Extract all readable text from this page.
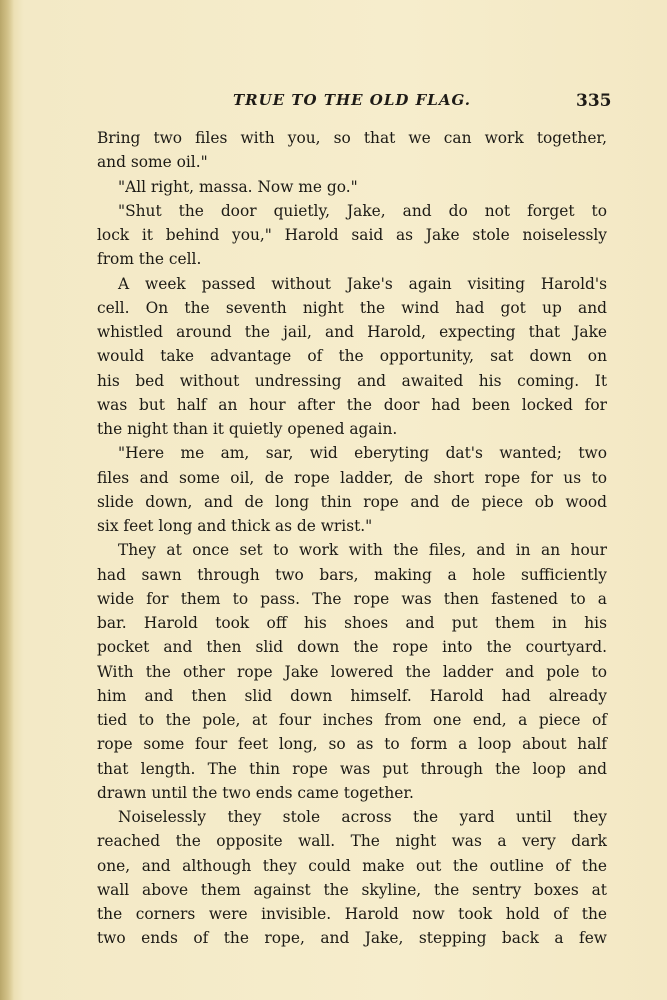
TRUE TO THE OLD FLAG.	335
Bring two files with you, so that we can work together,
and some oil."
"All right, massa. Now me go."
"Shut the door quietly, Jake, and do not forget to
lock it behind you," Harold said as Jake stole noiselessly
from the cell.
A week passed without Jake's again visiting Harold's
cell. On the seventh night the wind had got up and
whistled around the jail, and Harold, expecting that Jake
would take advantage of the opportunity, sat down on
his bed without undressing and awaited his coming. It
was but half an hour after the door had been locked for
the night than it quietly opened again.
"Here me am, sar, wid eberyting dat's wanted; two
files and some oil, de rope ladder, de short rope for us to
slide down, and de long thin rope and de piece ob wood
six feet long and thick as de wrist."
They at once set to work with the files, and in an hour
had sawn through two bars, making a hole sufficiently
wide for them to pass. The rope was then fastened to a
bar. Harold took off his shoes and put them in his
pocket and then slid down the rope into the courtyard.
With the other rope Jake lowered the ladder and pole to
him and then slid down himself. Harold had already
tied to the pole, at four inches from one end, a piece of
rope some four feet long, so as to form a loop about half
that length. The thin rope was put through the loop and
drawn until the two ends came together.
Noiselessly they stole across the yard until they
reached the opposite wall. The night was a very dark
one, and although they could make out the outline of the
wall above them against the skyline, the sentry boxes at
the corners were invisible. Harold now took hold of the
two ends of the rope, and Jake, stepping back a few
